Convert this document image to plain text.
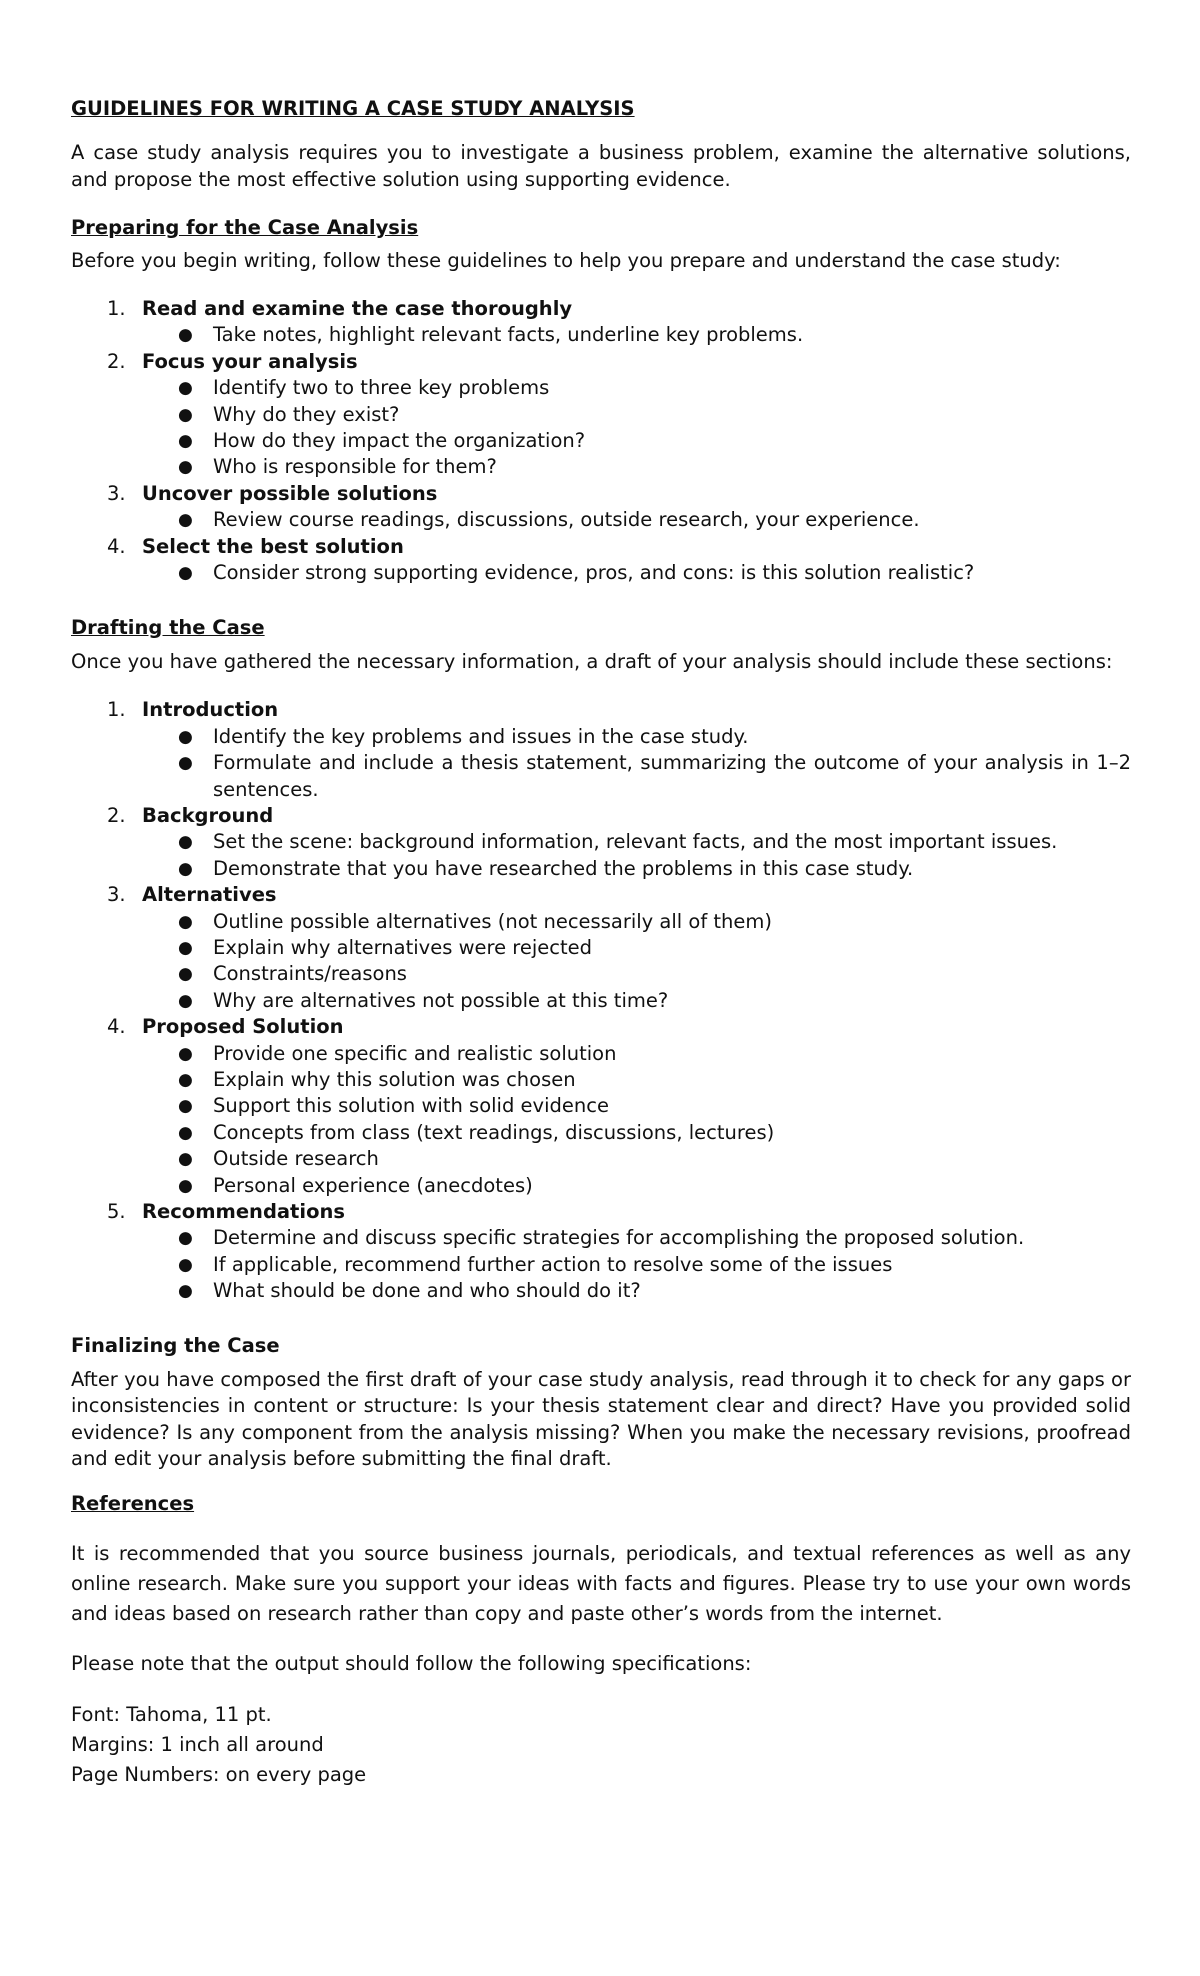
GUIDELINES FOR WRITING A CASE STUDY ANALYSIS

A case study analysis requires you to investigate a business problem, examine the alternative solutions, and propose the most effective solution using supporting evidence.

Preparing for the Case Analysis

Before you begin writing, follow these guidelines to help you prepare and understand the case study:

1. Read and examine the case thoroughly
● Take notes, highlight relevant facts, underline key problems.
2. Focus your analysis
● Identify two to three key problems
● Why do they exist?
● How do they impact the organization?
● Who is responsible for them?
3. Uncover possible solutions
● Review course readings, discussions, outside research, your experience.
4. Select the best solution
● Consider strong supporting evidence, pros, and cons: is this solution realistic?

Drafting the Case

Once you have gathered the necessary information, a draft of your analysis should include these sections:

1. Introduction
● Identify the key problems and issues in the case study.
● Formulate and include a thesis statement, summarizing the outcome of your analysis in 1–2 sentences.
2. Background
● Set the scene: background information, relevant facts, and the most important issues.
● Demonstrate that you have researched the problems in this case study.
3. Alternatives
● Outline possible alternatives (not necessarily all of them)
● Explain why alternatives were rejected
● Constraints/reasons
● Why are alternatives not possible at this time?
4. Proposed Solution
● Provide one specific and realistic solution
● Explain why this solution was chosen
● Support this solution with solid evidence
● Concepts from class (text readings, discussions, lectures)
● Outside research
● Personal experience (anecdotes)
5. Recommendations
● Determine and discuss specific strategies for accomplishing the proposed solution.
● If applicable, recommend further action to resolve some of the issues
● What should be done and who should do it?

Finalizing the Case

After you have composed the first draft of your case study analysis, read through it to check for any gaps or inconsistencies in content or structure: Is your thesis statement clear and direct? Have you provided solid evidence? Is any component from the analysis missing? When you make the necessary revisions, proofread and edit your analysis before submitting the final draft.

References

It is recommended that you source business journals, periodicals, and textual references as well as any online research. Make sure you support your ideas with facts and figures. Please try to use your own words and ideas based on research rather than copy and paste other’s words from the internet.

Please note that the output should follow the following specifications:

Font: Tahoma, 11 pt.

Margins: 1 inch all around

Page Numbers: on every page
